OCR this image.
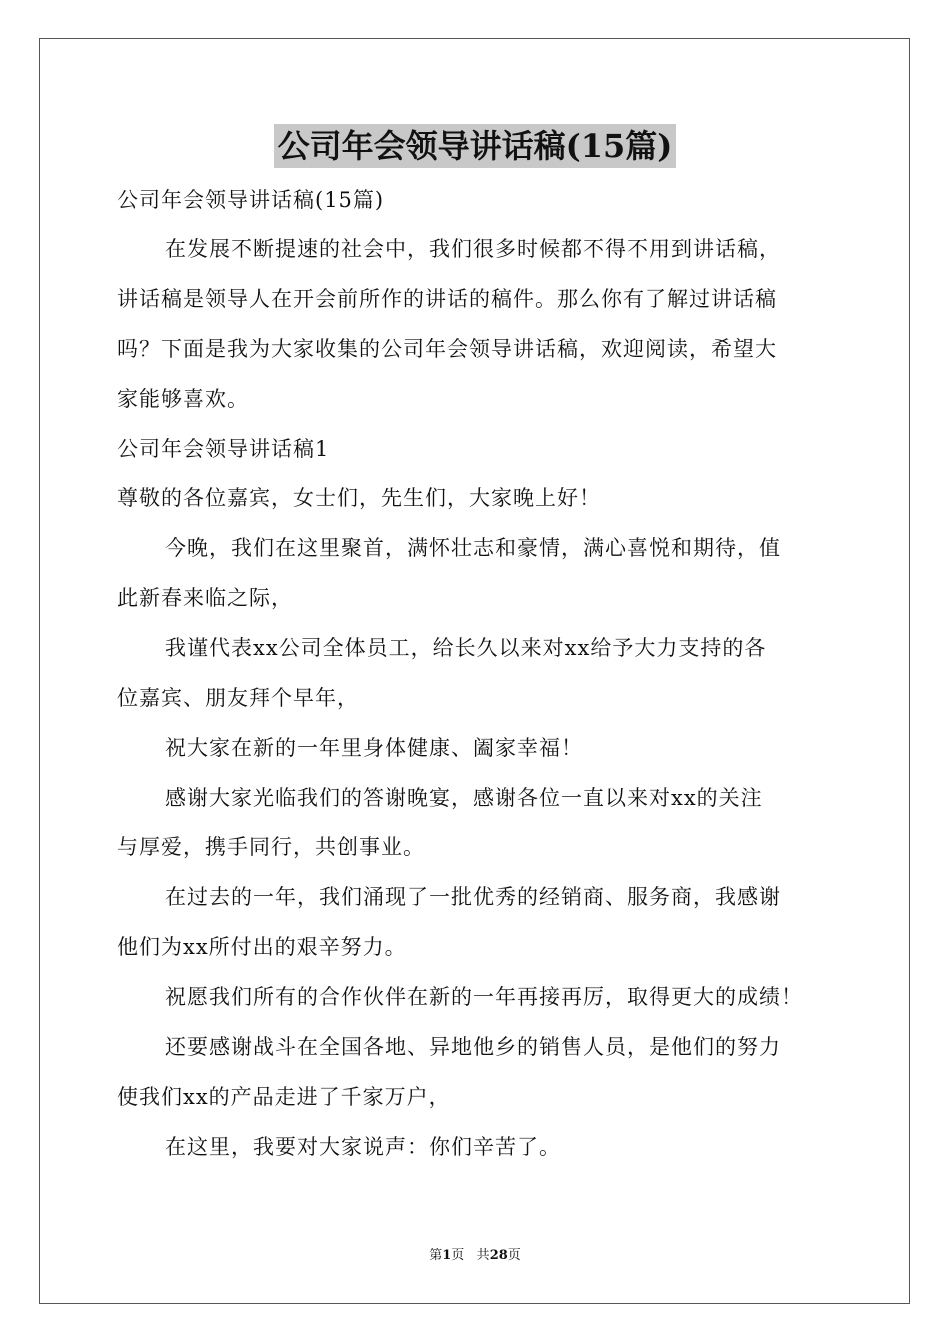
公司年会领导讲话稿(15篇)
公司年会领导讲话稿(15篇)
在发展不断提速的社会中，我们很多时候都不得不用到讲话稿，
讲话稿是领导人在开会前所作的讲话的稿件。那么你有了解过讲话稿
吗？下面是我为大家收集的公司年会领导讲话稿，欢迎阅读，希望大
家能够喜欢。
公司年会领导讲话稿1
尊敬的各位嘉宾，女士们，先生们，大家晚上好！
今晚，我们在这里聚首，满怀壮志和豪情，满心喜悦和期待，值
此新春来临之际，
我谨代表xx公司全体员工，给长久以来对xx给予大力支持的各
位嘉宾、朋友拜个早年，
祝大家在新的一年里身体健康、阖家幸福！
感谢大家光临我们的答谢晚宴，感谢各位一直以来对xx的关注
与厚爱，携手同行，共创事业。
在过去的一年，我们涌现了一批优秀的经销商、服务商，我感谢
他们为xx所付出的艰辛努力。
祝愿我们所有的合作伙伴在新的一年再接再厉，取得更大的成绩！
还要感谢战斗在全国各地、异地他乡的销售人员，是他们的努力
使我们xx的产品走进了千家万户，
在这里，我要对大家说声：你们辛苦了。
第1页 共28页
